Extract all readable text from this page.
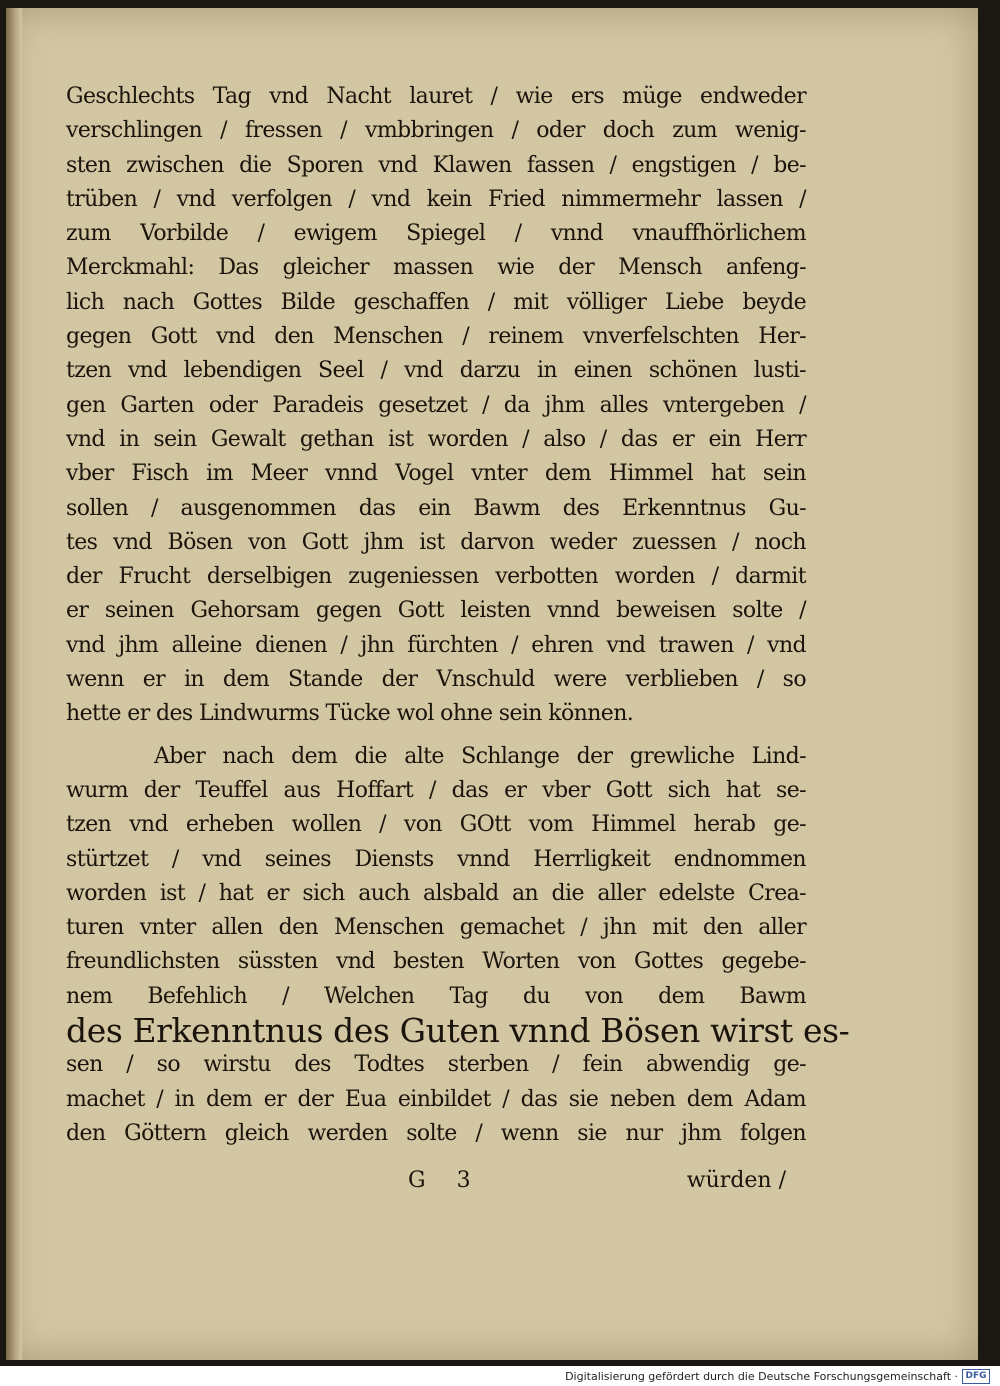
Geschlechts Tag vnd Nacht lauret / wie ers müge endweder
verschlingen / fressen / vmbbringen / oder doch zum wenig-
sten zwischen die Sporen vnd Klawen fassen / engstigen / be-
trüben / vnd verfolgen / vnd kein Fried nimmermehr lassen /
zum Vorbilde / ewigem Spiegel / vnnd vnauffhörlichem
Merckmahl: Das gleicher massen wie der Mensch anfeng-
lich nach Gottes Bilde geschaffen / mit völliger Liebe beyde
gegen Gott vnd den Menschen / reinem vnverfelschten Her-
tzen vnd lebendigen Seel / vnd darzu in einen schönen lusti-
gen Garten oder Paradeis gesetzet / da jhm alles vntergeben /
vnd in sein Gewalt gethan ist worden / also / das er ein Herr
vber Fisch im Meer vnnd Vogel vnter dem Himmel hat sein
sollen / ausgenommen das ein Bawm des Erkenntnus Gu-
tes vnd Bösen von Gott jhm ist darvon weder zuessen / noch
der Frucht derselbigen zugeniessen verbotten worden / darmit
er seinen Gehorsam gegen Gott leisten vnnd beweisen solte /
vnd jhm alleine dienen / jhn fürchten / ehren vnd trawen / vnd
wenn er in dem Stande der Vnschuld were verblieben / so
hette er des Lindwurms Tücke wol ohne sein können.
Aber nach dem die alte Schlange der grewliche Lind-
wurm der Teuffel aus Hoffart / das er vber Gott sich hat se-
tzen vnd erheben wollen / von GOtt vom Himmel herab ge-
stürtzet / vnd seines Diensts vnnd Herrligkeit endnommen
worden ist / hat er sich auch alsbald an die aller edelste Crea-
turen vnter allen den Menschen gemachet / jhn mit den aller
freundlichsten süssten vnd besten Worten von Gottes gegebe-
nem Befehlich / Welchen Tag du von dem Bawm
des Erkenntnus des Guten vnnd Bösen wirst es-
sen / so wirstu des Todtes sterben / fein abwendig ge-
machet / in dem er der Eua einbildet / das sie neben dem Adam
den Göttern gleich werden solte / wenn sie nur jhm folgen
G 3	würden /
Digitalisierung gefördert durch die Deutsche Forschungsgemeinschaft · DFG
